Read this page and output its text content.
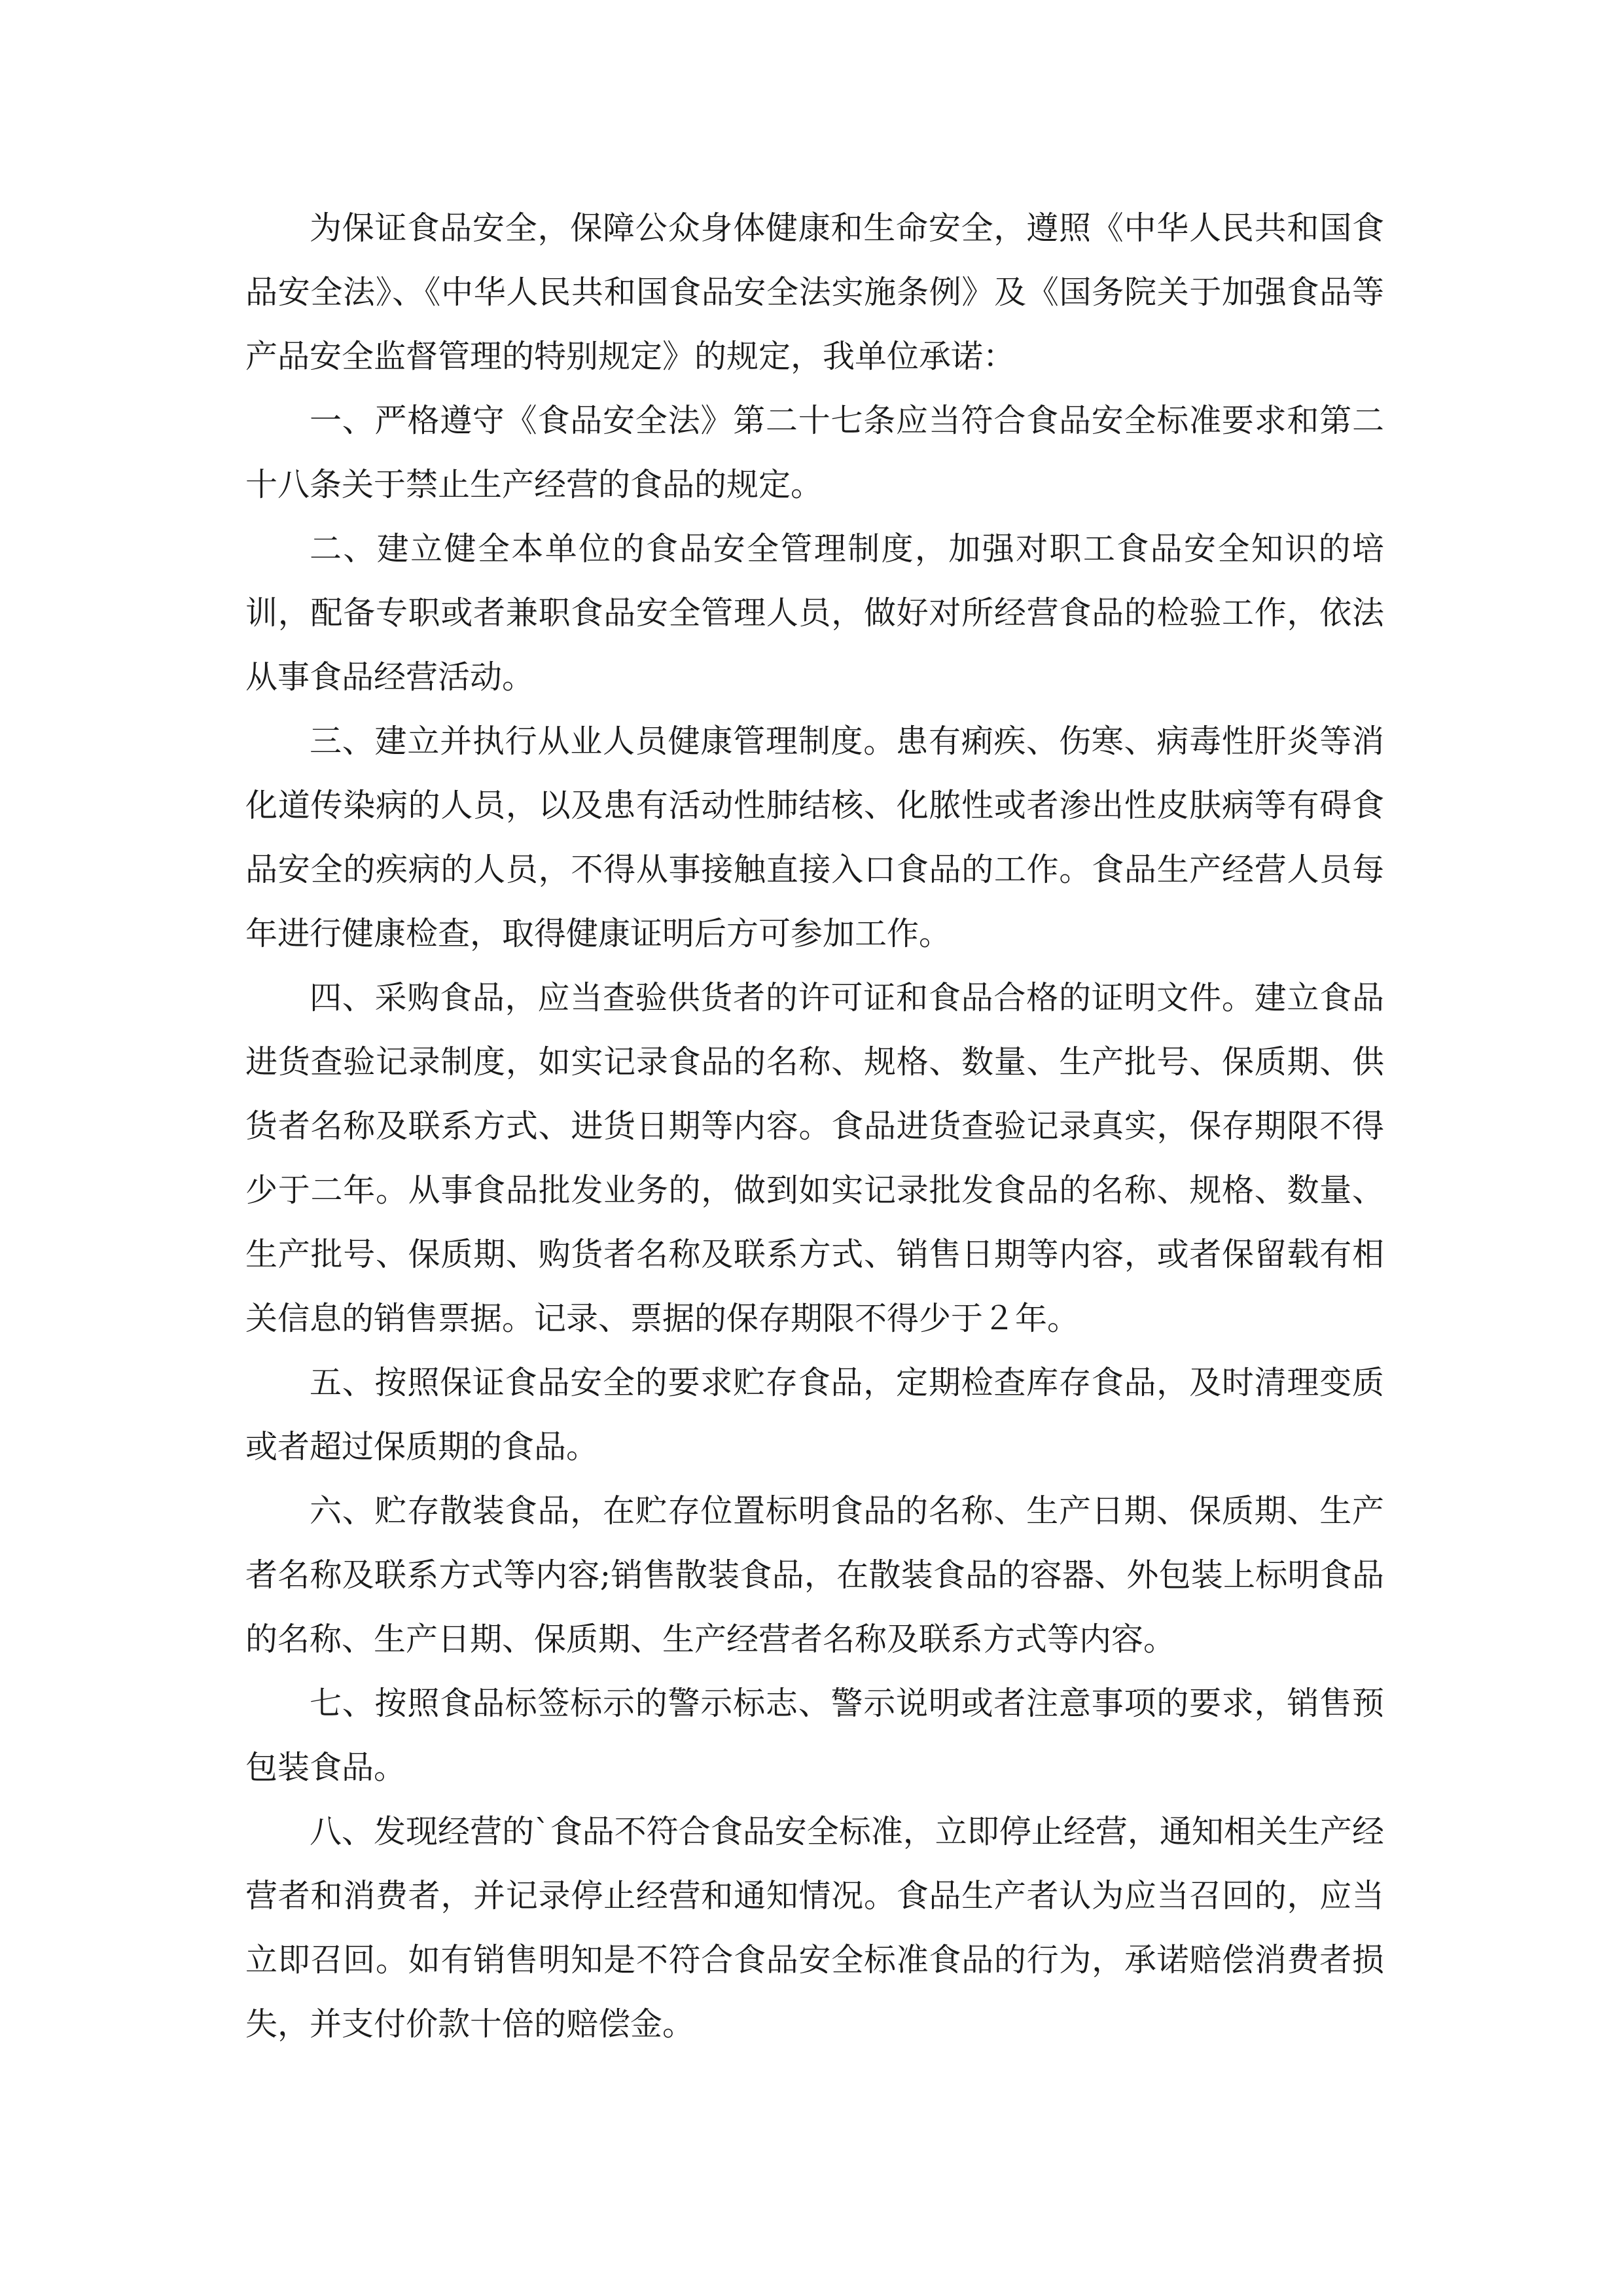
为保证食品安全，保障公众身体健康和生命安全，遵照《中华人民共和国食品安全法》、《中华人民共和国食品安全法实施条例》及《国务院关于加强食品等产品安全监督管理的特别规定》的规定，我单位承诺：

一、严格遵守《食品安全法》第二十七条应当符合食品安全标准要求和第二十八条关于禁止生产经营的食品的规定。

二、建立健全本单位的食品安全管理制度，加强对职工食品安全知识的培训，配备专职或者兼职食品安全管理人员，做好对所经营食品的检验工作，依法从事食品经营活动。

三、建立并执行从业人员健康管理制度。患有痢疾、伤寒、病毒性肝炎等消化道传染病的人员，以及患有活动性肺结核、化脓性或者渗出性皮肤病等有碍食品安全的疾病的人员，不得从事接触直接入口食品的工作。食品生产经营人员每年进行健康检查，取得健康证明后方可参加工作。

四、采购食品，应当查验供货者的许可证和食品合格的证明文件。建立食品进货查验记录制度，如实记录食品的名称、规格、数量、生产批号、保质期、供货者名称及联系方式、进货日期等内容。食品进货查验记录真实，保存期限不得少于二年。从事食品批发业务的，做到如实记录批发食品的名称、规格、数量、生产批号、保质期、购货者名称及联系方式、销售日期等内容，或者保留载有相关信息的销售票据。记录、票据的保存期限不得少于２年。

五、按照保证食品安全的要求贮存食品，定期检查库存食品，及时清理变质或者超过保质期的食品。

六、贮存散装食品，在贮存位置标明食品的名称、生产日期、保质期、生产者名称及联系方式等内容;销售散装食品，在散装食品的容器、外包装上标明食品的名称、生产日期、保质期、生产经营者名称及联系方式等内容。

七、按照食品标签标示的警示标志、警示说明或者注意事项的要求，销售预包装食品。

八、发现经营的`食品不符合食品安全标准，立即停止经营，通知相关生产经营者和消费者，并记录停止经营和通知情况。食品生产者认为应当召回的，应当立即召回。如有销售明知是不符合食品安全标准食品的行为，承诺赔偿消费者损失，并支付价款十倍的赔偿金。
